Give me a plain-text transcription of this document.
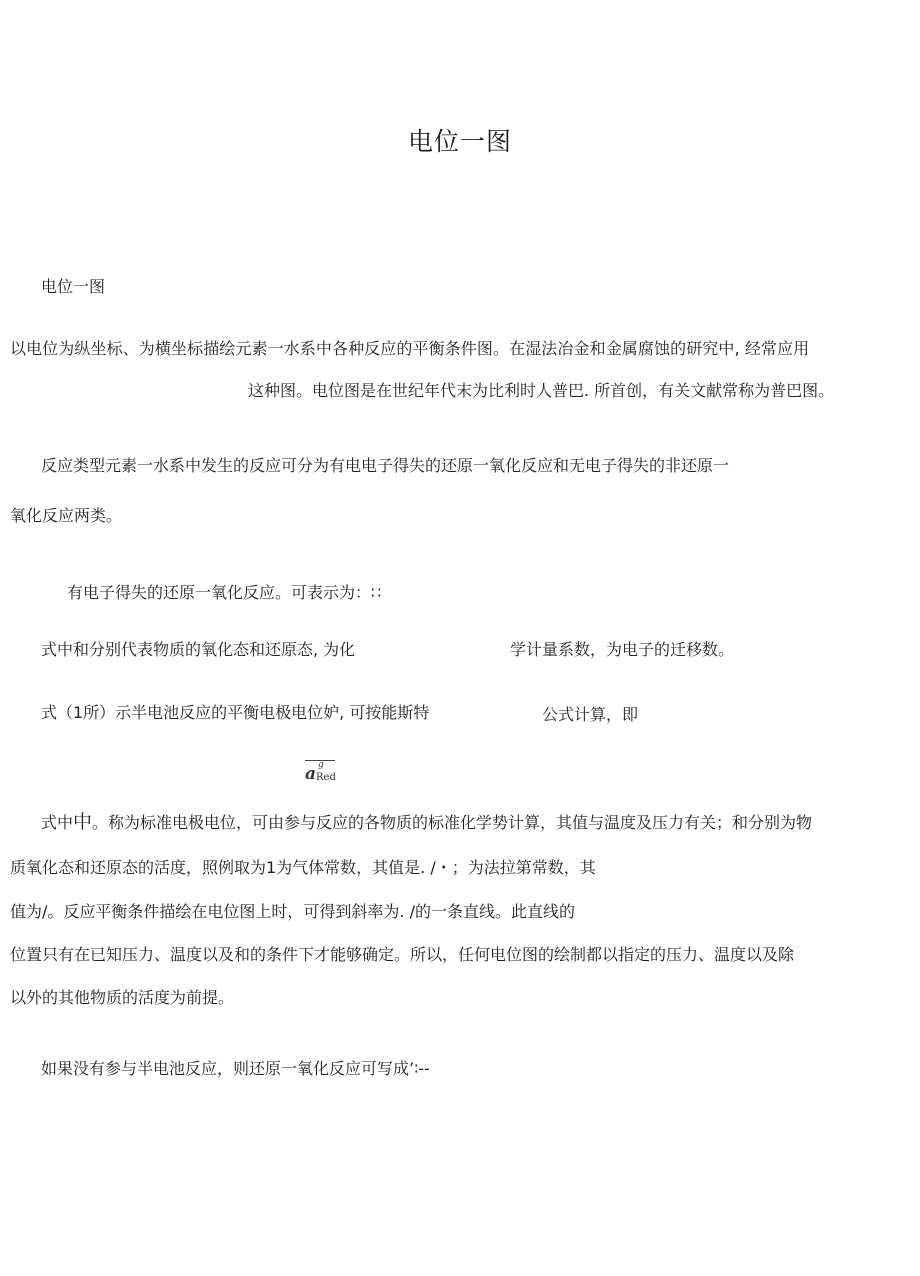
电位一图
电位一图
以电位为纵坐标、为横坐标描绘元素一水系中各种反应的平衡条件图。在湿法冶金和金属腐蚀的研究中, 经常应用
这种图。电位图是在世纪年代末为比利时人普巴. 所首创，有关文献常称为普巴图。
反应类型元素一水系中发生的反应可分为有电电子得失的还原一氧化反应和无电子得失的非还原一
氧化反应两类。
有电子得失的还原一氧化反应。可表示为：∷
式中和分别代表物质的氧化态和还原态, 为化	学计量系数，为电子的迁移数。
式（1所）示半电池反应的平衡电极电位妒, 可按能斯特	公式计算，即
a g
Red
式中中。称为标准电极电位，可由参与反应的各物质的标准化学势计算，其值与温度及压力有关；和分别为物
质氧化态和还原态的活度，照例取为1为气体常数，其值是. /・；为法拉第常数，其
值为/。反应平衡条件描绘在电位图上时，可得到斜率为. /的一条直线。此直线的
位置只有在已知压力、温度以及和的条件下才能够确定。所以，任何电位图的绘制都以指定的压力、温度以及除
以外的其他物质的活度为前提。
如果没有参与半电池反应，则还原一氧化反应可写成’∶--
